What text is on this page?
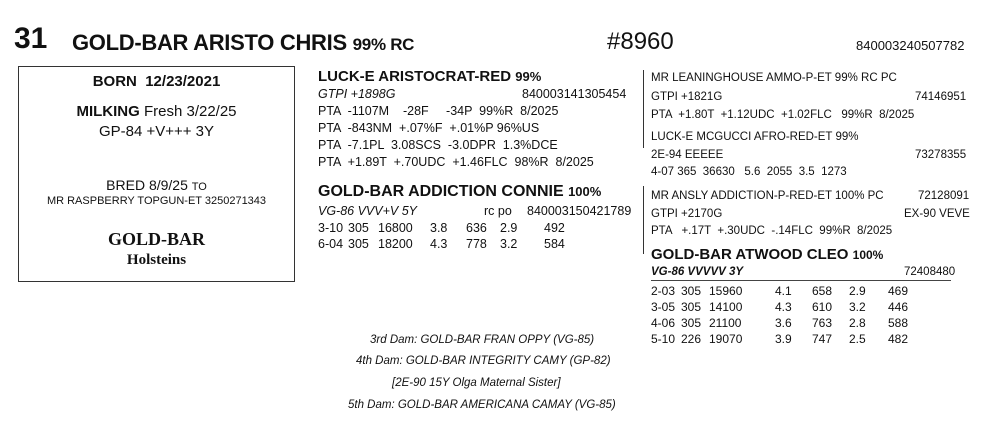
31 GOLD-BAR ARISTO CHRIS 99% RC	#8960	840003240507782
BORN 12/23/2021
MILKING Fresh 3/22/25
GP-84 +V+++ 3Y
BRED 8/9/25 TO
MR RASPBERRY TOPGUN-ET 3250271343
GOLD-BAR
Holsteins
LUCK-E ARISTOCRAT-RED 99%
GTPI +1898G	840003141305454
PTA  -1107M    -28F     -34P  99%R  8/2025
PTA  -843NM  +.07%F  +.01%P 96%US
PTA  -7.1PL  3.08SCS  -3.0DPR  1.3%DCE
PTA  +1.89T  +.70UDC  +1.46FLC  98%R  8/2025
GOLD-BAR ADDICTION CONNIE 100%
VG-86 VVV+V 5Y	rc po 840003150421789
3-10	305	16800	3.8	636	2.9	492
6-04	305	18200	4.3	778	3.2	584
MR LEANINGHOUSE AMMO-P-ET 99% RC PC
GTPI +1821G	74146951
PTA  +1.80T  +1.12UDC  +1.02FLC   99%R  8/2025
LUCK-E MCGUCCI AFRO-RED-ET 99%
2E-94 EEEEE	73278355
4-07 365  36630   5.6  2055  3.5  1273
MR ANSLY ADDICTION-P-RED-ET 100% PC	72128091
GTPI +2170G	EX-90 VEVE
PTA   +.17T  +.30UDC  -.14FLC  99%R  8/2025
GOLD-BAR ATWOOD CLEO 100%
VG-86 VVVVV 3Y	72408480
2-03	305	15960	4.1	658	2.9	469
3-05	305	14100	4.3	610	3.2	446
4-06	305	21100	3.6	763	2.8	588
5-10	226	19070	3.9	747	2.5	482
3rd Dam: GOLD-BAR FRAN OPPY (VG-85)
4th Dam: GOLD-BAR INTEGRITY CAMY (GP-82)
[2E-90 15Y Olga Maternal Sister]
5th Dam: GOLD-BAR AMERICANA CAMAY (VG-85)
